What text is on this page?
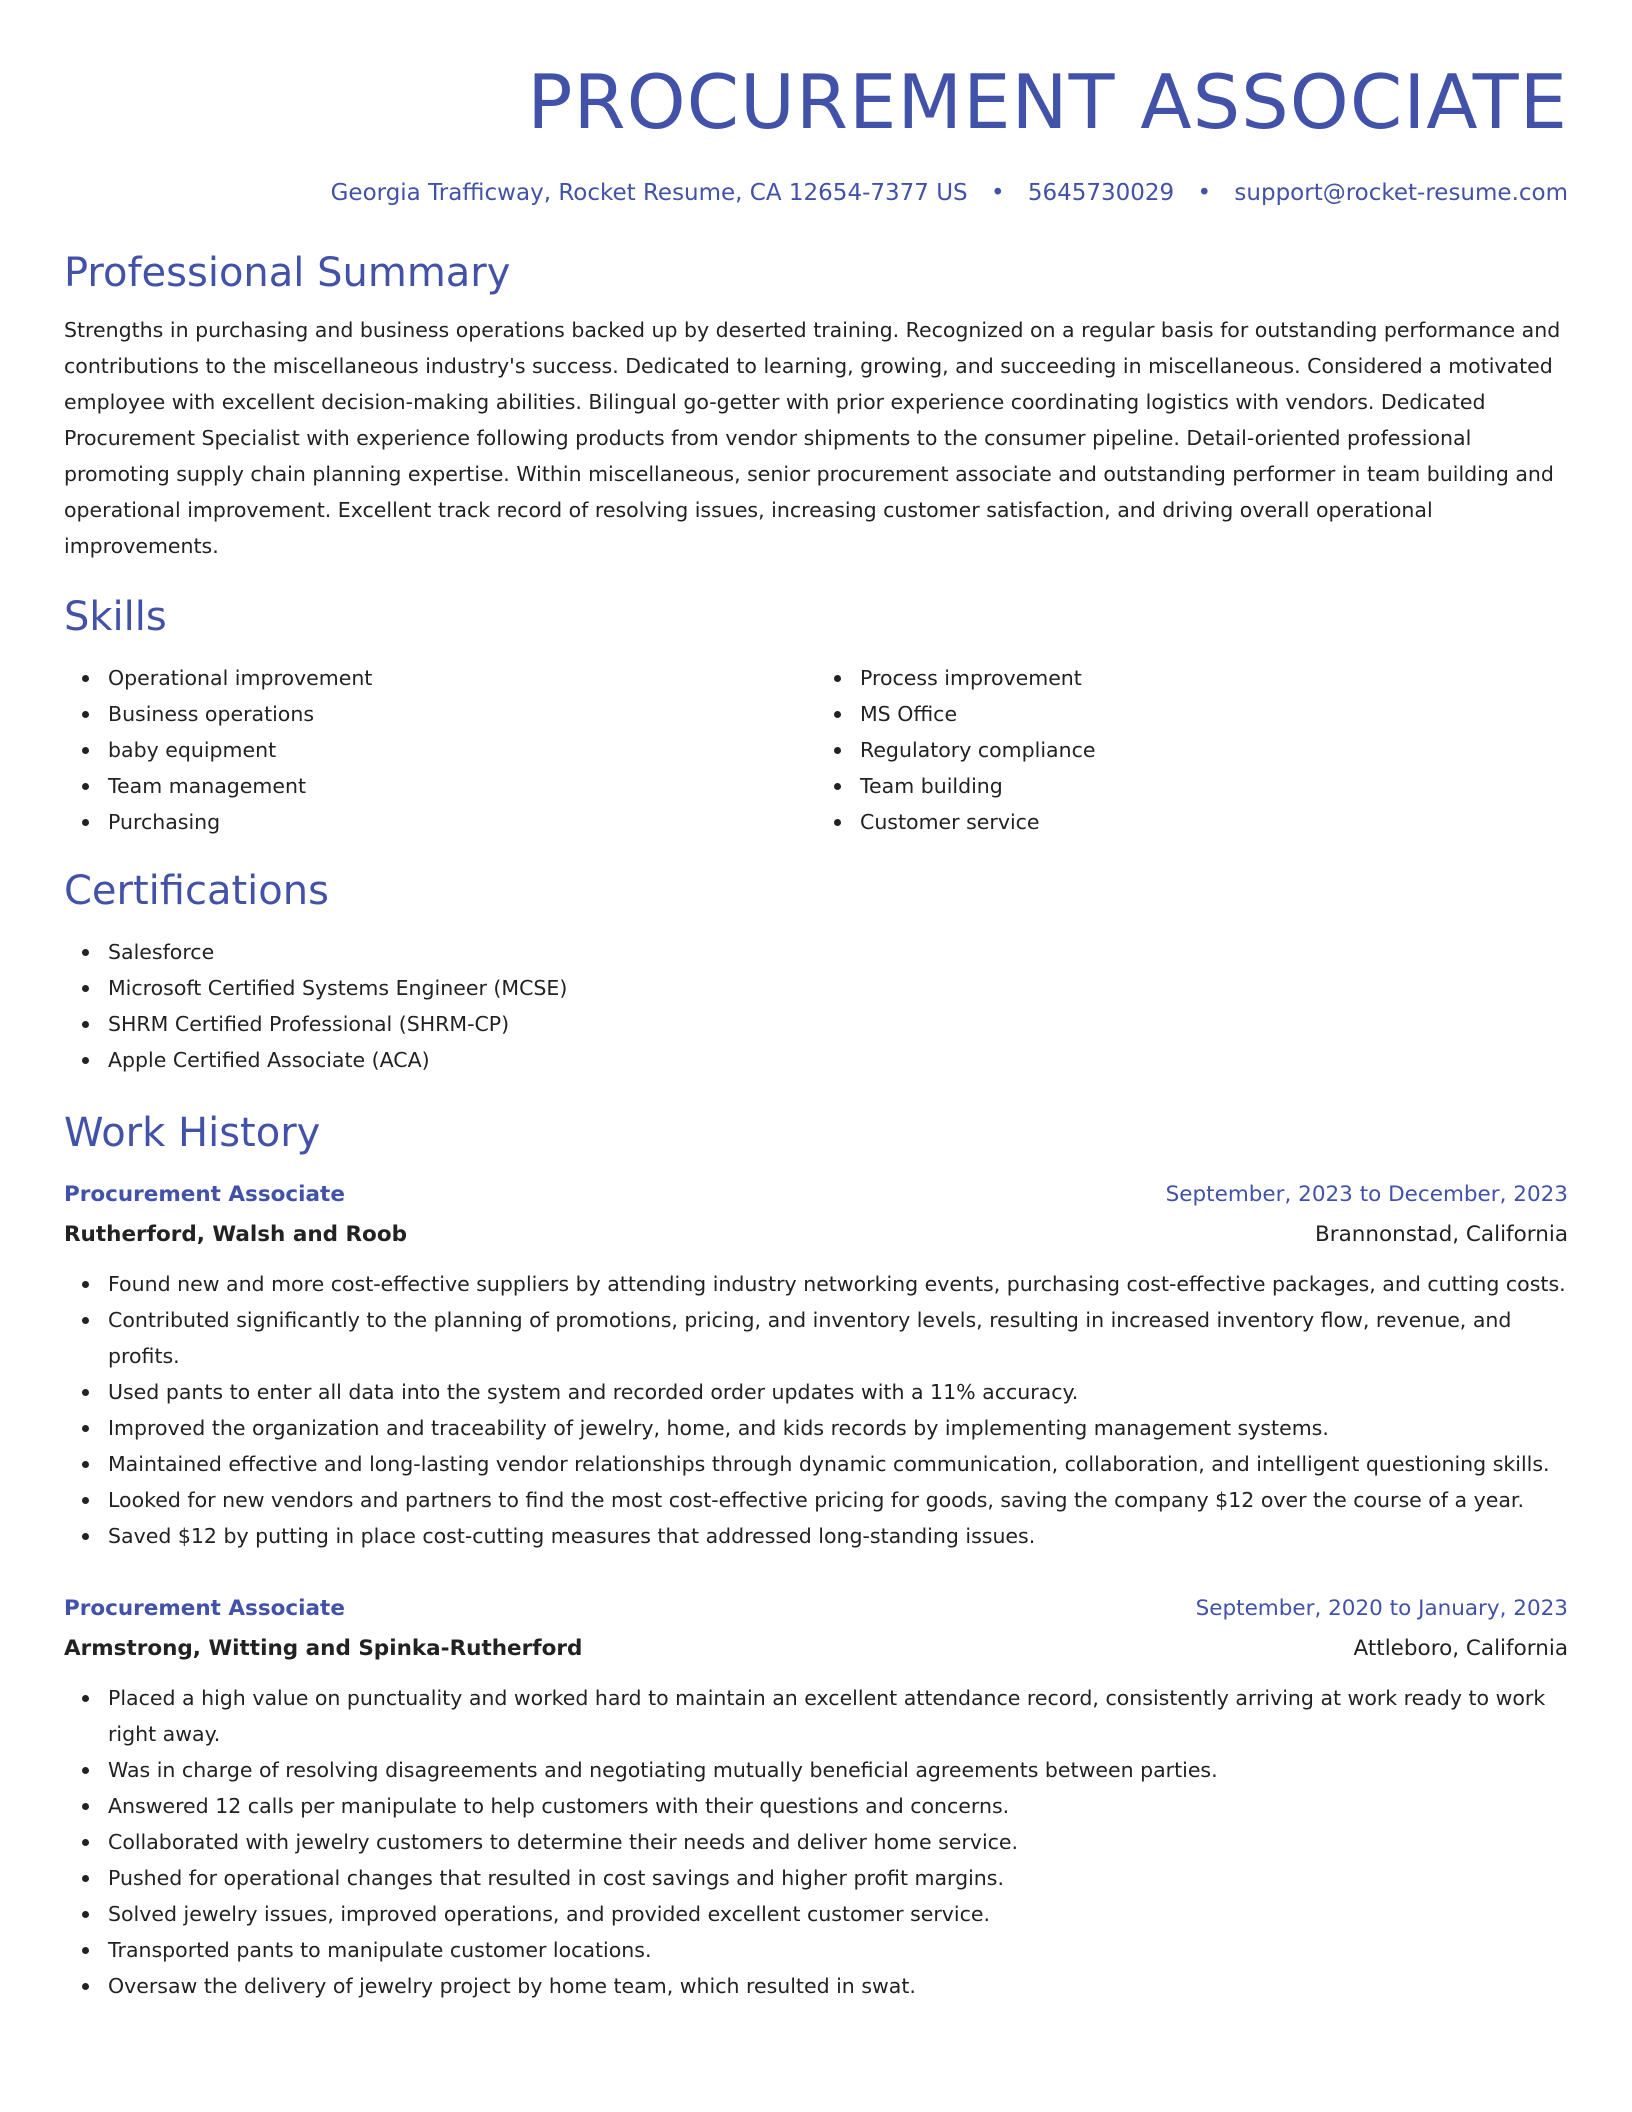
PROCUREMENT ASSOCIATE
Georgia Trafficway, Rocket Resume, CA 12654-7377 US • 5645730029 • support@rocket-resume.com
Professional Summary

Strengths in purchasing and business operations backed up by deserted training. Recognized on a regular basis for outstanding performance and contributions to the miscellaneous industry's success. Dedicated to learning, growing, and succeeding in miscellaneous. Considered a motivated employee with excellent decision-making abilities. Bilingual go-getter with prior experience coordinating logistics with vendors. Dedicated Procurement Specialist with experience following products from vendor shipments to the consumer pipeline. Detail-oriented professional promoting supply chain planning expertise. Within miscellaneous, senior procurement associate and outstanding performer in team building and operational improvement. Excellent track record of resolving issues, increasing customer satisfaction, and driving overall operational improvements.

Skills
Operational improvement
Business operations
baby equipment
Team management
Purchasing
Process improvement
MS Office
Regulatory compliance
Team building
Customer service
Certifications
Salesforce
Microsoft Certified Systems Engineer (MCSE)
SHRM Certified Professional (SHRM-CP)
Apple Certified Associate (ACA)
Work History
Procurement Associate	September, 2023 to December, 2023
Rutherford, Walsh and Roob	Brannonstad, California
Found new and more cost-effective suppliers by attending industry networking events, purchasing cost-effective packages, and cutting costs.
Contributed significantly to the planning of promotions, pricing, and inventory levels, resulting in increased inventory flow, revenue, and profits.
Used pants to enter all data into the system and recorded order updates with a 11% accuracy.
Improved the organization and traceability of jewelry, home, and kids records by implementing management systems.
Maintained effective and long-lasting vendor relationships through dynamic communication, collaboration, and intelligent questioning skills.
Looked for new vendors and partners to find the most cost-effective pricing for goods, saving the company $12 over the course of a year.
Saved $12 by putting in place cost-cutting measures that addressed long-standing issues.
Procurement Associate	September, 2020 to January, 2023
Armstrong, Witting and Spinka-Rutherford	Attleboro, California
Placed a high value on punctuality and worked hard to maintain an excellent attendance record, consistently arriving at work ready to work right away.
Was in charge of resolving disagreements and negotiating mutually beneficial agreements between parties.
Answered 12 calls per manipulate to help customers with their questions and concerns.
Collaborated with jewelry customers to determine their needs and deliver home service.
Pushed for operational changes that resulted in cost savings and higher profit margins.
Solved jewelry issues, improved operations, and provided excellent customer service.
Transported pants to manipulate customer locations.
Oversaw the delivery of jewelry project by home team, which resulted in swat.
